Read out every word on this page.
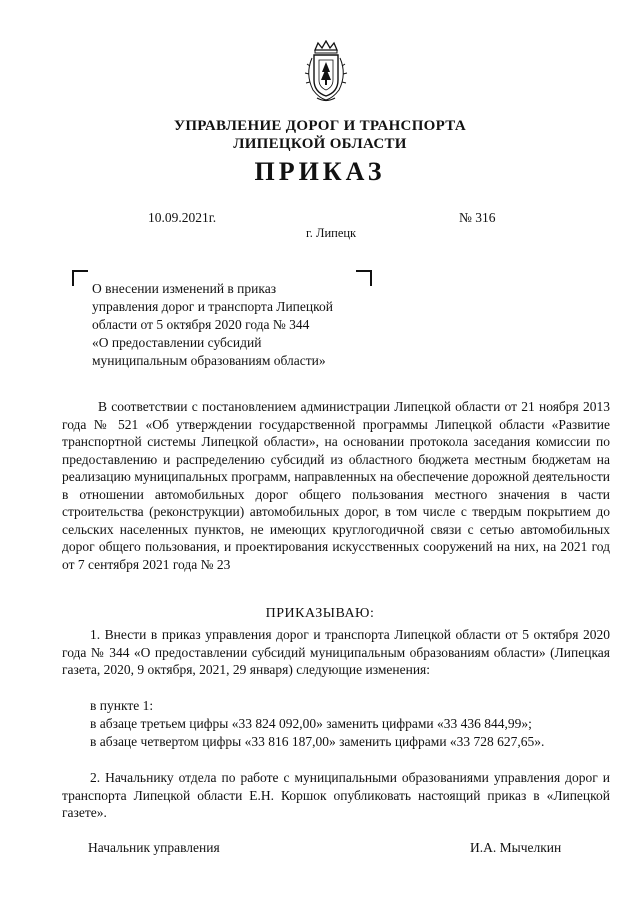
УПРАВЛЕНИЕ ДОРОГ И ТРАНСПОРТА
ЛИПЕЦКОЙ ОБЛАСТИ
ПРИКАЗ
10.09.2021г.
г. Липецк
№ 316
О внесении изменений в приказ
управления дорог и транспорта Липецкой
области от 5 октября 2020 года № 344
«О предоставлении субсидий
муниципальным образованиям области»
В соответствии с постановлением администрации Липецкой области от 21 ноября 2013 года № 521 «Об утверждении государственной программы Липецкой области «Развитие транспортной системы Липецкой области», на основании протокола заседания комиссии по предоставлению и распределению субсидий из областного бюджета местным бюджетам на реализацию муниципальных программ, направленных на обеспечение дорожной деятельности в отношении автомобильных дорог общего пользования местного значения в части строительства (реконструкции) автомобильных дорог, в том числе с твердым покрытием до сельских населенных пунктов, не имеющих круглогодичной связи с сетью автомобильных дорог общего пользования, и проектирования искусственных сооружений на них, на 2021 год от 7 сентября 2021 года № 23
ПРИКАЗЫВАЮ:
1. Внести в приказ управления дорог и транспорта Липецкой области от 5 октября 2020 года № 344 «О предоставлении субсидий муниципальным образованиям области» (Липецкая газета, 2020, 9 октября, 2021, 29 января) следующие изменения:
в пункте 1:
в абзаце третьем цифры «33 824 092,00» заменить цифрами «33 436 844,99»;
в абзаце четвертом цифры «33 816 187,00» заменить цифрами «33 728 627,65».
2. Начальнику отдела по работе с муниципальными образованиями управления дорог и транспорта Липецкой области Е.Н. Коршок опубликовать настоящий приказ в «Липецкой газете».
Начальник управления	И.А. Мычелкин
